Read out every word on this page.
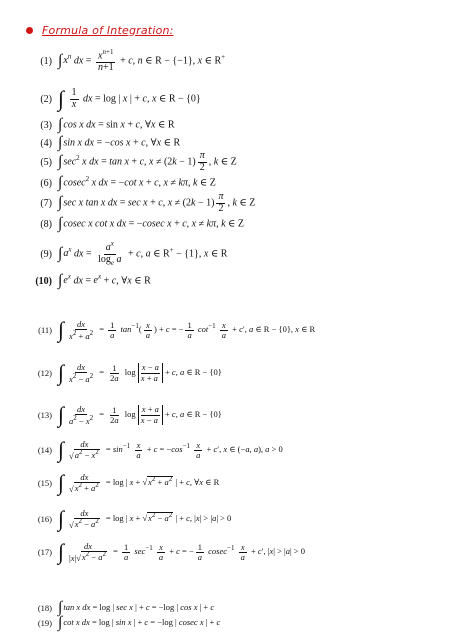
Formula of Integration:
(1) $\int x^n$ dx = $\frac{x^{n+1}}{n+1} + c$, n ∈ R − {−1}, x ∈ R+
(2) ∫ $\frac{1}{x}$ dx = log | x | + c, x ∈ R − {0}
(3) ∫cos x dx = sin x + c, ∀x ∈ R
(4) ∫sin x dx = −cos x + c, ∀x ∈ R
(5) $\int\sec^2$ x dx = tan x + c, $x \ne (2k - 1) \frac{\pi}{2}$ , k ∈ Z
(6) ∫cosec$^2$ x dx = −cot x + c, x ≠ kπ, k ∈ Z
(7) ∫sec x tan x dx = sec x + c, $x \ne (2k - 1) \frac{\pi}{2}$ , k ∈ Z
(8) ∫cosec x cot x dx = −cosec x + c, x ≠ kπ, k ∈ Z
(9) $\int a^x$ dx = $\frac{a^x}{\log_e a} + c$, a ∈ R+ − {1}, x ∈ R
(10) $\int e^x$ dx = $e^x + c$, ∀x ∈ R
(11) ∫ $\frac{dx}{x^2 + a^2} = \frac{1}{a} \tan^{-1}( \frac{x}{a}$ ) + c = − $\frac{1}{a} \cot^{-1} \frac{x}{a} + c'$, a ∈ R − {0}, x ∈ R
(12) ∫ $\frac{dx}{x^2 - a^2} = \frac{1}{2a}$ $\log \frac{x - a}{x + a} + c$, a ∈ R − {0}
(13) ∫ $\frac{dx}{a^2 - x^2} = \frac{1}{2a}$ $\log \frac{x + a}{x - a} + c$, a ∈ R − {0}
(14) ∫ $\frac{dx}{√a^2 - x^2} = \sin^{-1} \frac{x}{a} + c = -\cos^{-1} \frac{x}{a} + c'$, x ∈ (−a, a), a > 0
(15) ∫ $\frac{dx}{√x^2 + a^2} = \log$ | $x + √x^2 + a^2$ | + c, ∀x ∈ R
(16) ∫ $\frac{dx}{√x^2 - a^2} = \log$ | $x + √x^2 - a^2$ | + c, |x| > |a| > 0
(17) ∫ $\frac{dx}{|x|√x^2 - a^2} = \frac{1}{a} \sec^{-1} \frac{x}{a} + c$ = − $\frac{1}{a} cosec^{-1} \frac{x}{a} + c'$, |x| > |a| > 0
(18) ∫tan x dx = log | sec x | + c = −log | cos x | + c
(19) ∫cot x dx = log | sin x | + c = −log | cosec x | + c
